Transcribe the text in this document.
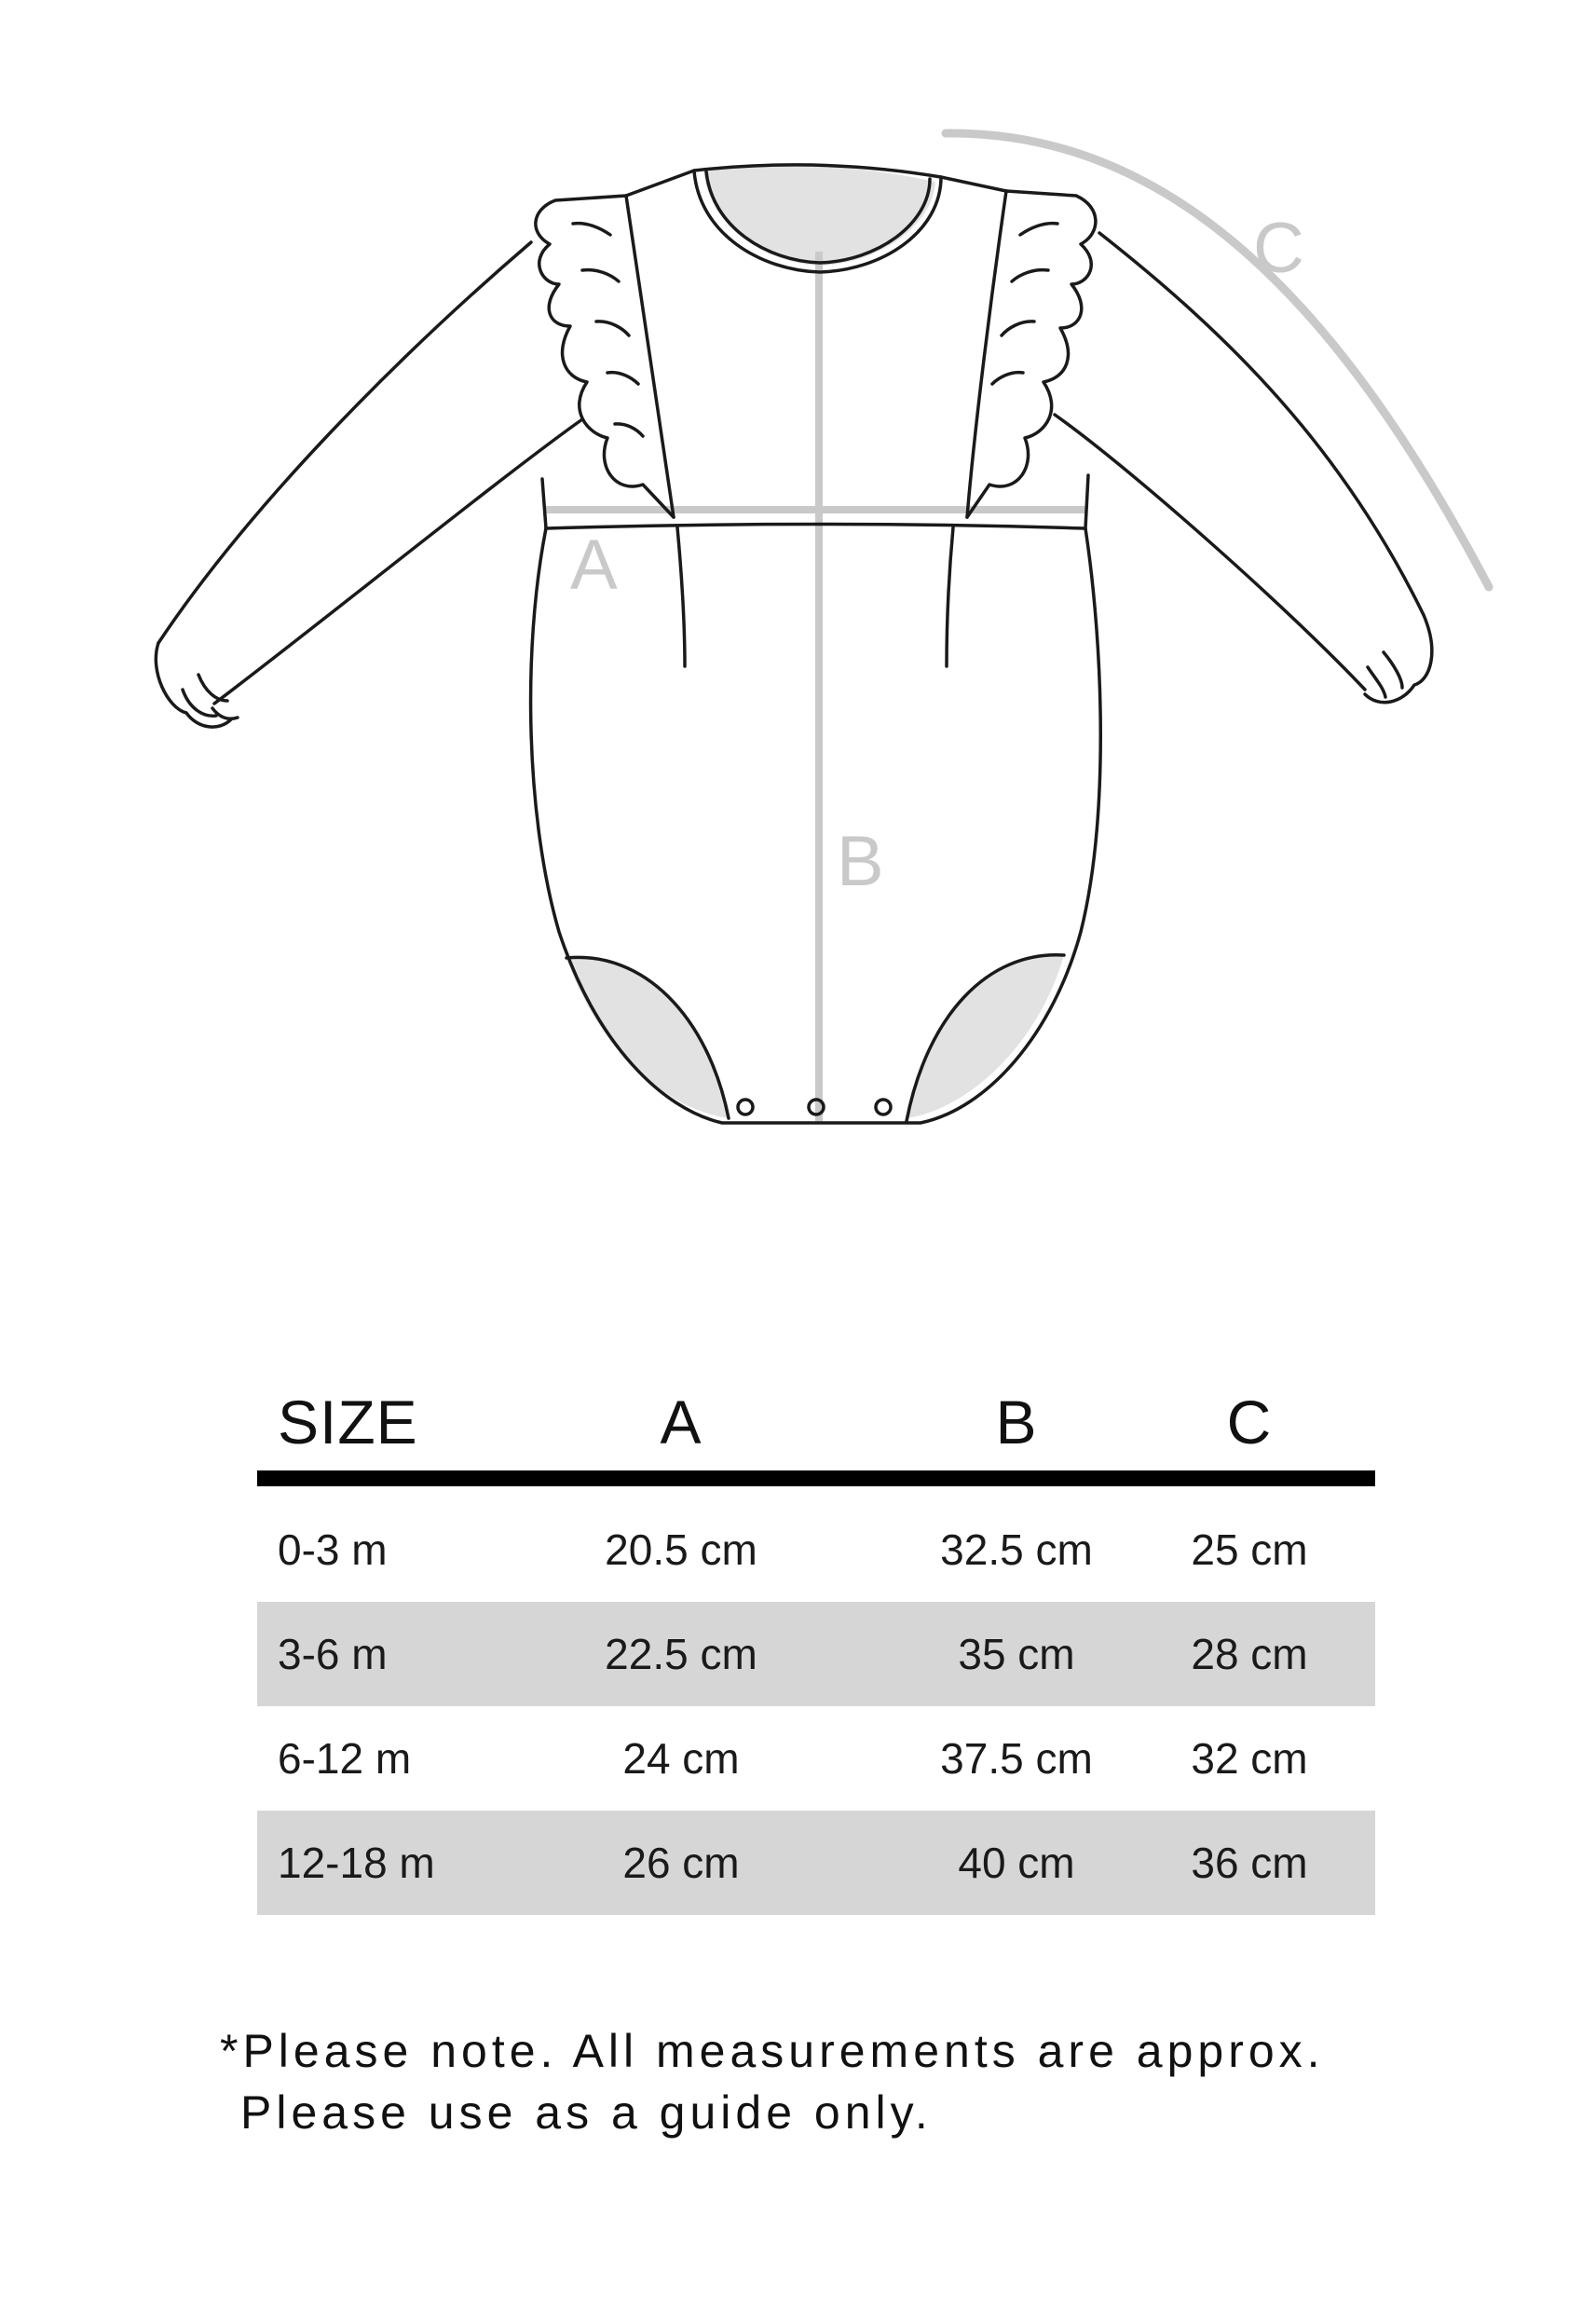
A
B
C
SIZE	A	B	C
0-3 m	20.5 cm	32.5 cm	25 cm
3-6 m	22.5 cm	35 cm	28 cm
6-12 m	24 cm	37.5 cm	32 cm
12-18 m	26 cm	40 cm	36 cm
*Please note. All measurements are approx.
Please use as a guide only.
